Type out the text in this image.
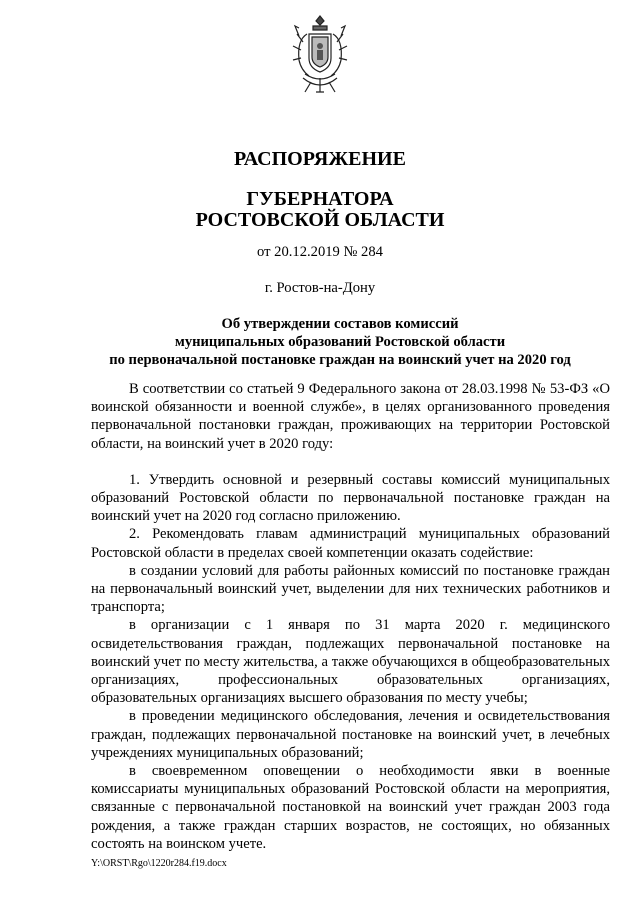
РАСПОРЯЖЕНИЕ
ГУБЕРНАТОРА
РОСТОВСКОЙ ОБЛАСТИ
от 20.12.2019 № 284
г. Ростов-на-Дону
Об утверждении составов комиссий
муниципальных образований Ростовской области
по первоначальной постановке граждан на воинский учет на 2020 год

В соответствии со статьей 9 Федерального закона от 28.03.1998 № 53-ФЗ «О воинской обязанности и военной службе», в целях организованного проведения первоначальной постановки граждан, проживающих на территории Ростовской области, на воинский учет в 2020 году:

1. Утвердить основной и резервный составы комиссий муниципальных образований Ростовской области по первоначальной постановке граждан на воинский учет на 2020 год согласно приложению.

2. Рекомендовать главам администраций муниципальных образований Ростовской области в пределах своей компетенции оказать содействие:

в создании условий для работы районных комиссий по постановке граждан на первоначальный воинский учет, выделении для них технических работников и транспорта;

в организации с 1 января по 31 марта 2020 г. медицинского освидетельствования граждан, подлежащих первоначальной постановке на воинский учет по месту жительства, а также обучающихся в общеобразовательных организациях, профессиональных образовательных организациях, образовательных организациях высшего образования по месту учебы;

в проведении медицинского обследования, лечения и освидетельствования граждан, подлежащих первоначальной постановке на воинский учет, в лечебных учреждениях муниципальных образований;

в своевременном оповещении о необходимости явки в военные комиссариаты муниципальных образований Ростовской области на мероприятия, связанные с первоначальной постановкой на воинский учет граждан 2003 года рождения, а также граждан старших возрастов, не состоящих, но обязанных состоять на воинском учете.

Y:\ORST\Rgo\1220r284.f19.docx
